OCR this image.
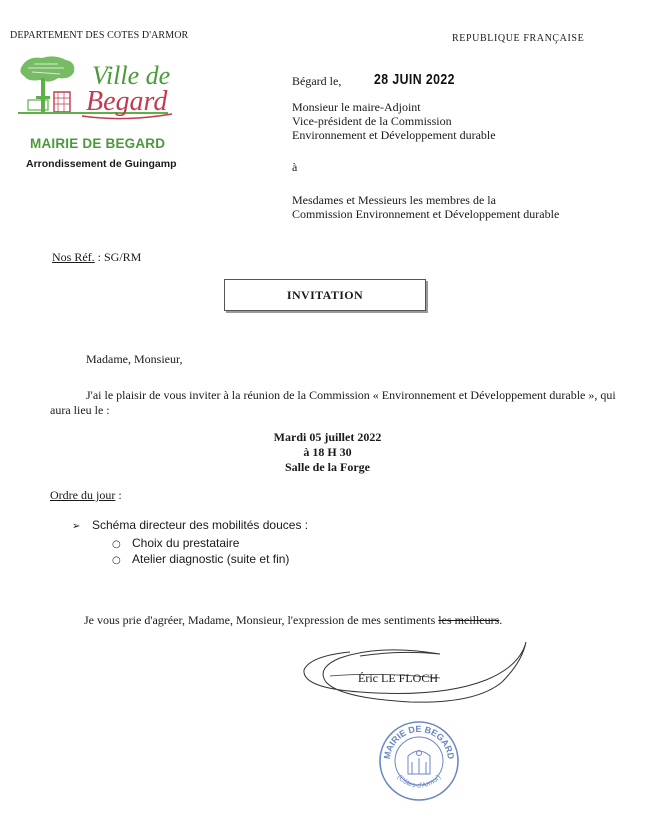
DEPARTEMENT DES COTES D'ARMOR	REPUBLIQUE FRANÇAISE
Ville de
Begard
MAIRIE DE BEGARD
Arrondissement de Guingamp
Bégard le, 28 JUIN 2022
Monsieur le maire-Adjoint
Vice-président de la Commission
Environnement et Développement durable
à
Mesdames et Messieurs les membres de la
Commission Environnement et Développement durable
Nos Réf. : SG/RM
INVITATION
Madame, Monsieur,
J'ai le plaisir de vous inviter à la réunion de la Commission « Environnement et Développement durable », qui
aura lieu le :
Mardi 05 juillet 2022
à 18 H 30
Salle de la Forge
Ordre du jour :
➢ Schéma directeur des mobilités douces :
○ Choix du prestataire
○ Atelier diagnostic (suite et fin)
Je vous prie d'agréer, Madame, Monsieur, l'expression de mes sentiments les meilleurs.
Éric LE FLOCH
MAIRIE DE BEGARD
(Côtes-d'Armor)
